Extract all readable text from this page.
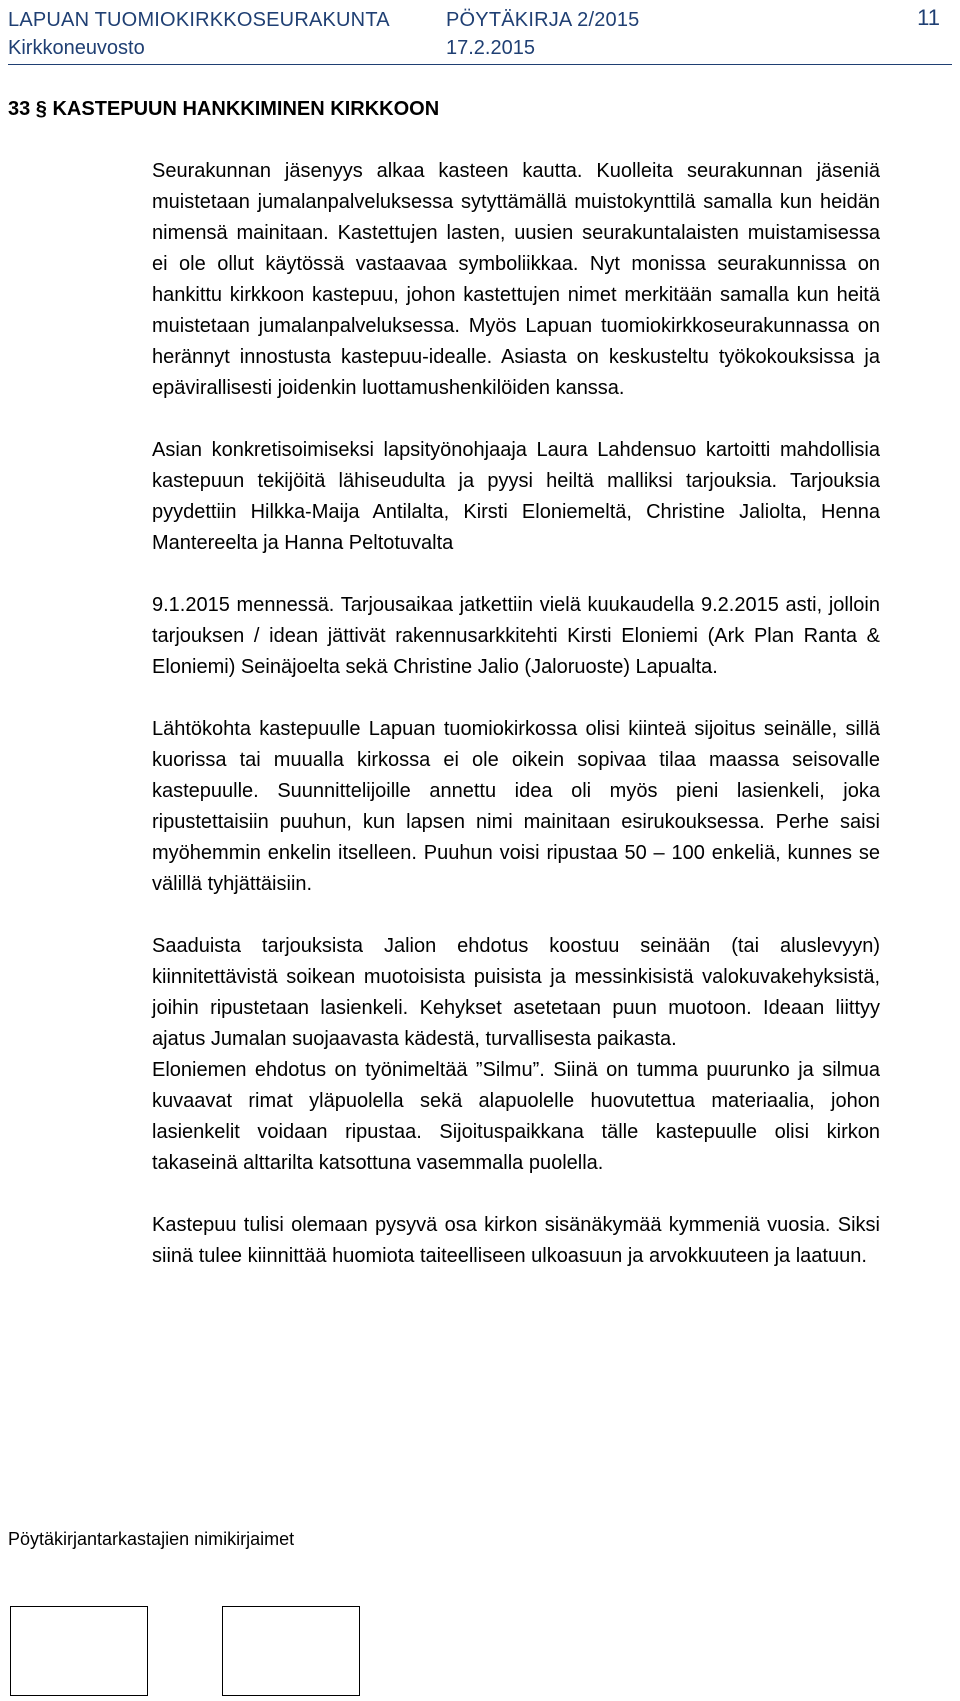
LAPUAN TUOMIOKIRKKOSEURAKUNTA
Kirkkoneuvosto
PÖYTÄKIRJA 2/2015
17.2.2015
11
33 § KASTEPUUN HANKKIMINEN KIRKKOON

Seurakunnan jäsenyys alkaa kasteen kautta. Kuolleita seurakunnan jäseniä muistetaan jumalanpalveluksessa sytyttämällä muistokynttilä samalla kun heidän nimensä mainitaan. Kastettujen lasten, uusien seurakuntalaisten muistamisessa ei ole ollut käytössä vastaavaa symboliikkaa. Nyt monissa seurakunnissa on hankittu kirkkoon kastepuu, johon kastettujen nimet merkitään samalla kun heitä muistetaan jumalanpalveluksessa. Myös Lapuan tuomiokirkkoseurakunnassa on herännyt innostusta kastepuu-idealle. Asiasta on keskusteltu työkokouksissa ja epävirallisesti joidenkin luottamushenkilöiden kanssa.

Asian konkretisoimiseksi lapsityönohjaaja Laura Lahdensuo kartoitti mahdollisia kastepuun tekijöitä lähiseudulta ja pyysi heiltä malliksi tarjouksia. Tarjouksia pyydettiin Hilkka-Maija Antilalta, Kirsti Eloniemeltä, Christine Jaliolta, Henna Mantereelta ja Hanna Peltotuvalta

9.1.2015 mennessä. Tarjousaikaa jatkettiin vielä kuukaudella 9.2.2015 asti, jolloin tarjouksen / idean jättivät rakennusarkkitehti Kirsti Eloniemi (Ark Plan Ranta & Eloniemi) Seinäjoelta sekä Christine Jalio (Jaloruoste) Lapualta.

Lähtökohta kastepuulle Lapuan tuomiokirkossa olisi kiinteä sijoitus seinälle, sillä kuorissa tai muualla kirkossa ei ole oikein sopivaa tilaa maassa seisovalle kastepuulle. Suunnittelijoille annettu idea oli myös pieni lasienkeli, joka ripustettaisiin puuhun, kun lapsen nimi mainitaan esirukouksessa. Perhe saisi myöhemmin enkelin itselleen. Puuhun voisi ripustaa 50 – 100 enkeliä, kunnes se välillä tyhjättäisiin.

Saaduista tarjouksista Jalion ehdotus koostuu seinään (tai aluslevyyn) kiinnitettävistä soikean muotoisista puisista ja messinkisistä valokuvakehyksistä, joihin ripustetaan lasienkeli. Kehykset asetetaan puun muotoon. Ideaan liittyy ajatus Jumalan suojaavasta kädestä, turvallisesta paikasta.

Eloniemen ehdotus on työnimeltää ”Silmu”. Siinä on tumma puurunko ja silmua kuvaavat rimat yläpuolella sekä alapuolelle huovutettua materiaalia, johon lasienkelit voidaan ripustaa. Sijoituspaikkana tälle kastepuulle olisi kirkon takaseinä alttarilta katsottuna vasemmalla puolella.

Kastepuu tulisi olemaan pysyvä osa kirkon sisänäkymää kymmeniä vuosia. Siksi siinä tulee kiinnittää huomiota taiteelliseen ulkoasuun ja arvokkuuteen ja laatuun.

Pöytäkirjantarkastajien nimikirjaimet
